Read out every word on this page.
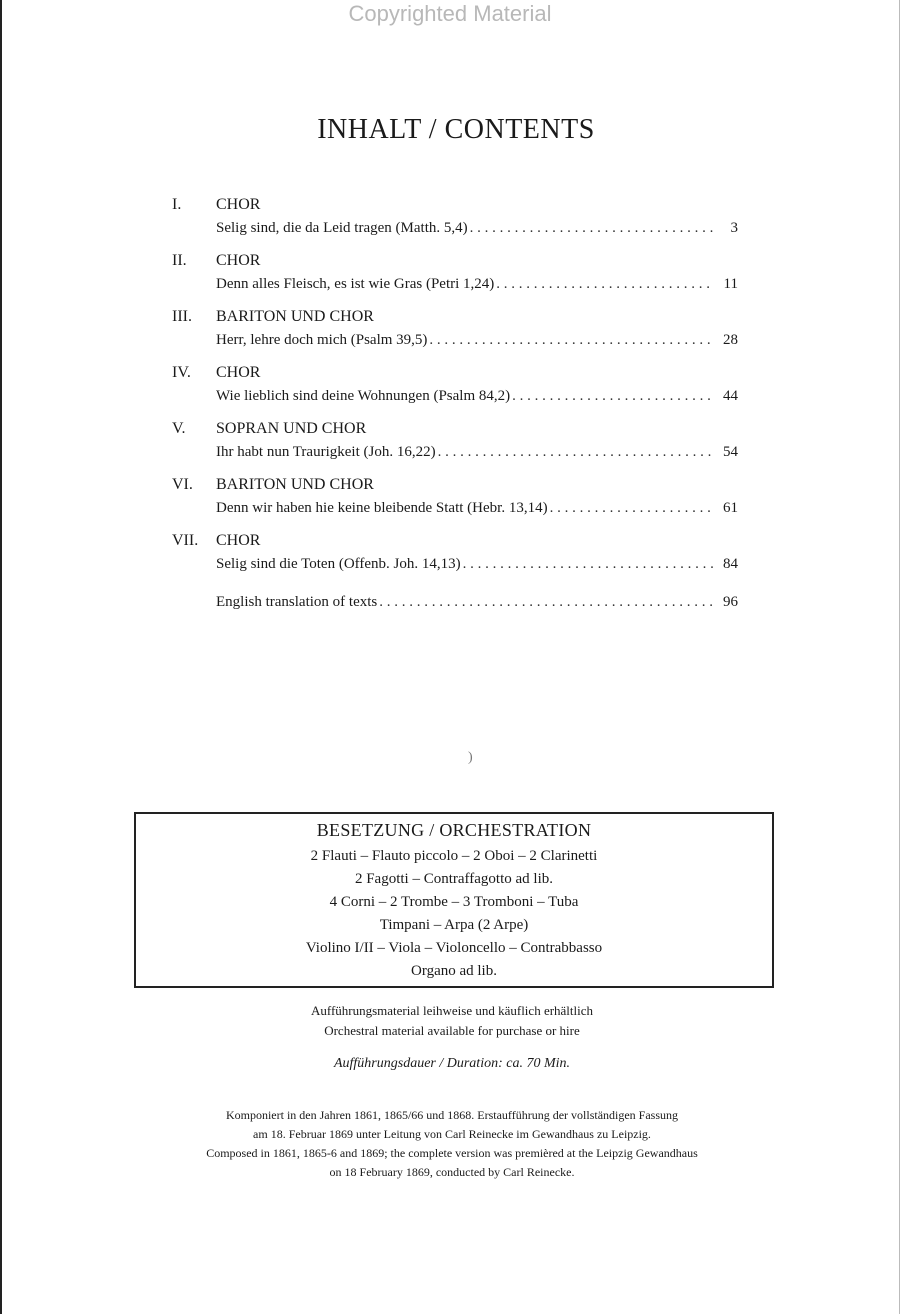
Copyrighted Material
INHALT / CONTENTS
I. CHOR
Selig sind, die da Leid tragen (Matth. 5,4) . . .	3
II. CHOR
Denn alles Fleisch, es ist wie Gras (Petri 1,24) . . .	11
III. BARITON UND CHOR
Herr, lehre doch mich (Psalm 39,5) . . .	28
IV. CHOR
Wie lieblich sind deine Wohnungen (Psalm 84,2) . . .	44
V. SOPRAN UND CHOR
Ihr habt nun Traurigkeit (Joh. 16,22) . . .	54
VI. BARITON UND CHOR
Denn wir haben hie keine bleibende Statt (Hebr. 13,14) . . .	61
VII. CHOR
Selig sind die Toten (Offenb. Joh. 14,13) . . .	84
English translation of texts . . .	96
)
BESETZUNG / ORCHESTRATION
2 Flauti – Flauto piccolo – 2 Oboi – 2 Clarinetti
2 Fagotti – Contraffagotto ad lib.
4 Corni – 2 Trombe – 3 Tromboni – Tuba
Timpani – Arpa (2 Arpe)
Violino I/II – Viola – Violoncello – Contrabbasso
Organo ad lib.
Aufführungsmaterial leihweise und käuflich erhältlich
Orchestral material available for purchase or hire
Aufführungsdauer / Duration: ca. 70 Min.
Komponiert in den Jahren 1861, 1865/66 und 1868. Erstaufführung der vollständigen Fassung
am 18. Februar 1869 unter Leitung von Carl Reinecke im Gewandhaus zu Leipzig.
Composed in 1861, 1865-6 and 1869; the complete version was premièred at the Leipzig Gewandhaus
on 18 February 1869, conducted by Carl Reinecke.
